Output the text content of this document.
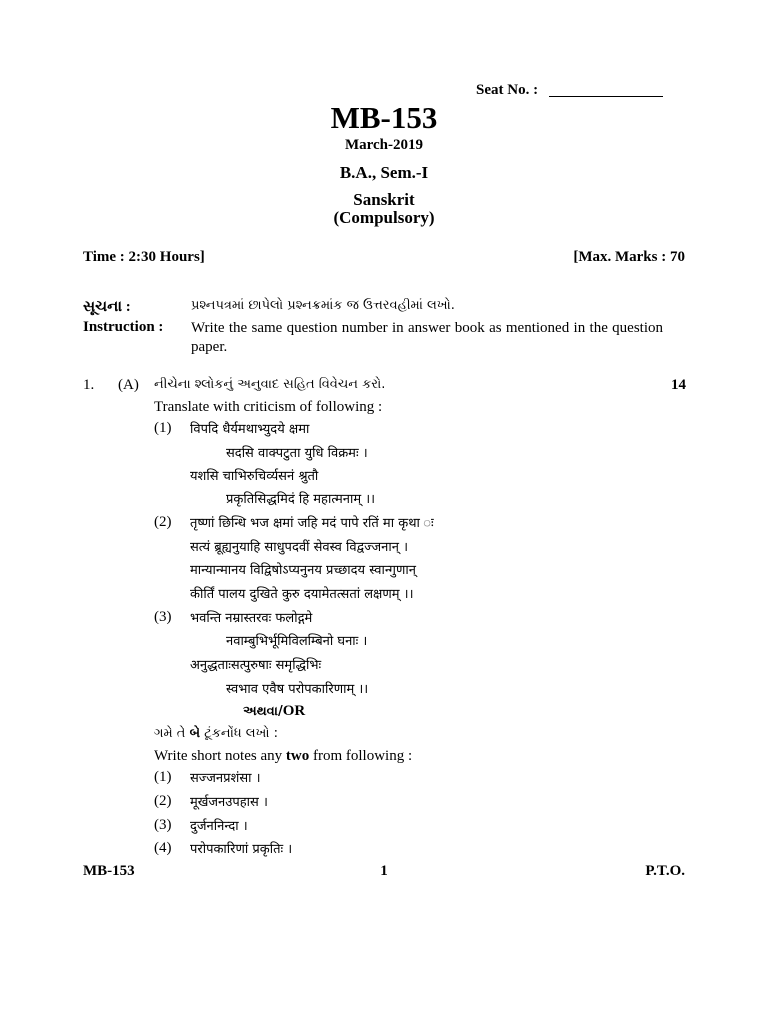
Seat No. :
MB-153
March-2019
B.A., Sem.-I
Sanskrit
(Compulsory)
Time : 2:30 Hours]	[Max. Marks : 70
સૂચના :	પ્રશ્નપત્રમાં છાપેલો પ્રશ્નક્રમાંક જ ઉત્તરવહીમાં લખો.
Instruction : Write the same question number in answer book as mentioned in the question paper.
1. (A) નીચેના શ્લોકનું અનુવાદ સહિત વિવેચન કરો.	14
Translate with criticism of following :
(1) विपदि धैर्यमथाभ्युदये क्षमा
सदसि वाक्पटुता युधि विक्रमः ।
यशसि चाभिरुचिर्व्यसनं श्रुतौ
प्रकृतिसिद्धमिदं हि महात्मनाम् ।।
(2) तृष्णां छिन्धि भज क्षमां जहि मदं पापे रतिं मा कृथा ः
सत्यं ब्रूह्यनुयाहि साधुपदवीं सेवस्व विद्वज्जनान् ।
मान्यान्मानय विद्विषोऽप्यनुनय प्रच्छादय स्वान्गुणान्
कीर्तिं पालय दुखिते कुरु दयामेतत्सतां लक्षणम् ।।
(3) भवन्ति नम्रास्तरवः फलोद्गमे
नवाम्बुभिर्भूमिविलम्बिनो घनाः ।
अनुद्धताःसत्पुरुषाः समृद्धिभिः
स्वभाव एवैष परोपकारिणाम् ।।
અથવા/OR
ગમે તે બે ટૂંકનોંધ લખો :
Write short notes any two from following :
(1) सज्जनप्रशंसा ।
(2) मूर्खजनउपहास ।
(3) दुर्जननिन्दा ।
(4) परोपकारिणां प्रकृतिः ।
MB-153	1	P.T.O.
